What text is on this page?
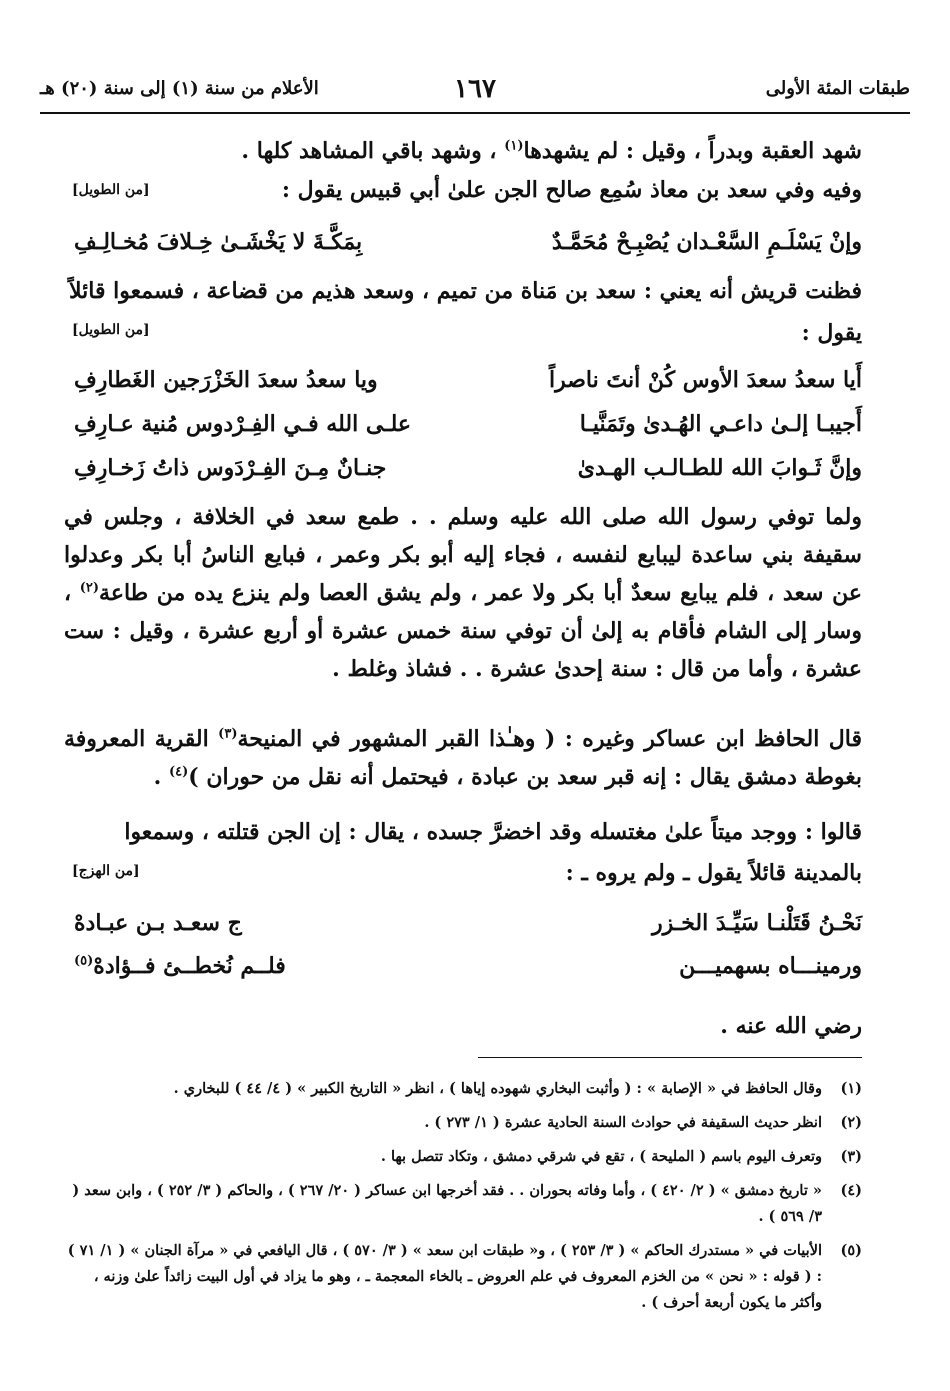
طبقات المئة الأولى
١٦٧
الأعلام من سنة (١) إلى سنة (٢٠) هـ
شهد العقبة وبدراً ، وقيل : لم يشهدها$^{(١)}$ ، وشهد باقي المشاهد كلها .
وفيه وفي سعد بن معاذ سُمِع صالح الجن علىٰ أبي قبيس يقول :
[من الطويل]
وإنْ يَسْلَـمِ السَّعْـدان يُصْبِـحْ مُحَمَّـدٌ
بِمَكَّـةَ لا يَخْشَـىٰ خِـلافَ مُخـالِـفِ
فظنت قريش أنه يعني : سعد بن مَناة من تميم ، وسعد هذيم من قضاعة ، فسمعوا قائلاً
يقول :
[من الطويل]
أَيا سعدُ سعدَ الأوس كُنْ أنتَ ناصراً
ويا سعدُ سعدَ الخَزْرَجين الغَطارِفِ
أَجيبـا إلـىٰ داعـي الهُـدىٰ وتَمَنَّيـا
علـى الله فـي الفِـرْدوس مُنية عـارِفِ
وإنَّ ثَـوابَ الله للطـالـب الهـدىٰ
جنـانٌ مِـنَ الفِـرْدَوس ذاتُ زَخـارِفِ
ولما توفي رسول الله صلى الله عليه وسلم . . طمع سعد في الخلافة ، وجلس في سقيفة بني ساعدة ليبايع لنفسه ، فجاء إليه أبو بكر وعمر ، فبايع الناسُ أبا بكر وعدلوا عن سعد ، فلم يبايع سعدٌ أبا بكر ولا عمر ، ولم يشق العصا ولم ينزع يده من طاعة$^{(٢)}$ ، وسار إلى الشام فأقام به إلىٰ أن توفي سنة خمس عشرة أو أربع عشرة ، وقيل : ست عشرة ، وأما من قال : سنة إحدىٰ عشرة . . فشاذ وغلط .
قال الحافظ ابن عساكر وغيره : ( وهـٰذا القبر المشهور في المنيحة$^{(٣)}$ القرية المعروفة بغوطة دمشق يقال : إنه قبر سعد بن عبادة ، فيحتمل أنه نقل من حوران )$^{(٤)}$ .
قالوا : ووجد ميتاً علىٰ مغتسله وقد اخضرَّ جسده ، يقال : إن الجن قتلته ، وسمعوا
بالمدينة قائلاً يقول ـ ولم يروه ـ :
[من الهزج]
نَحْـنُ قَتَلْنـا سَيِّـدَ الخـزر
ج سعـد بـن عبـادهْ
ورمينـــاه بسهميـــن
فلــم نُخطــئ فــؤادهْ$^{(٥)}$
رضي الله عنه .
(١)
وقال الحافظ في « الإصابة » : ( وأثبت البخاري شهوده إياها ) ، انظر « التاريخ الكبير » ( ٤/ ٤٤ ) للبخاري .
(٢)
انظر حديث السقيفة في حوادث السنة الحادية عشرة ( ١/ ٢٧٣ ) .
(٣)
وتعرف اليوم باسم ( المليحة ) ، تقع في شرقي دمشق ، وتكاد تتصل بها .
(٤)
« تاريخ دمشق » ( ٢/ ٤٢٠ ) ، وأما وفاته بحوران . . فقد أخرجها ابن عساكر ( ٢٠/ ٢٦٧ ) ، والحاكم ( ٣/ ٢٥٢ ) ، وابن سعد ( ٣/ ٥٦٩ ) .
(٥)
الأبيات في « مستدرك الحاكم » ( ٣/ ٢٥٣ ) ، و« طبقات ابن سعد » ( ٣/ ٥٧٠ ) ، قال اليافعي في « مرآة الجنان » ( ١/ ٧١ ) : ( قوله : « نحن » من الخزم المعروف في علم العروض ـ بالخاء المعجمة ـ ، وهو ما يزاد في أول البيت زائداً علىٰ وزنه ، وأكثر ما يكون أربعة أحرف ) .
